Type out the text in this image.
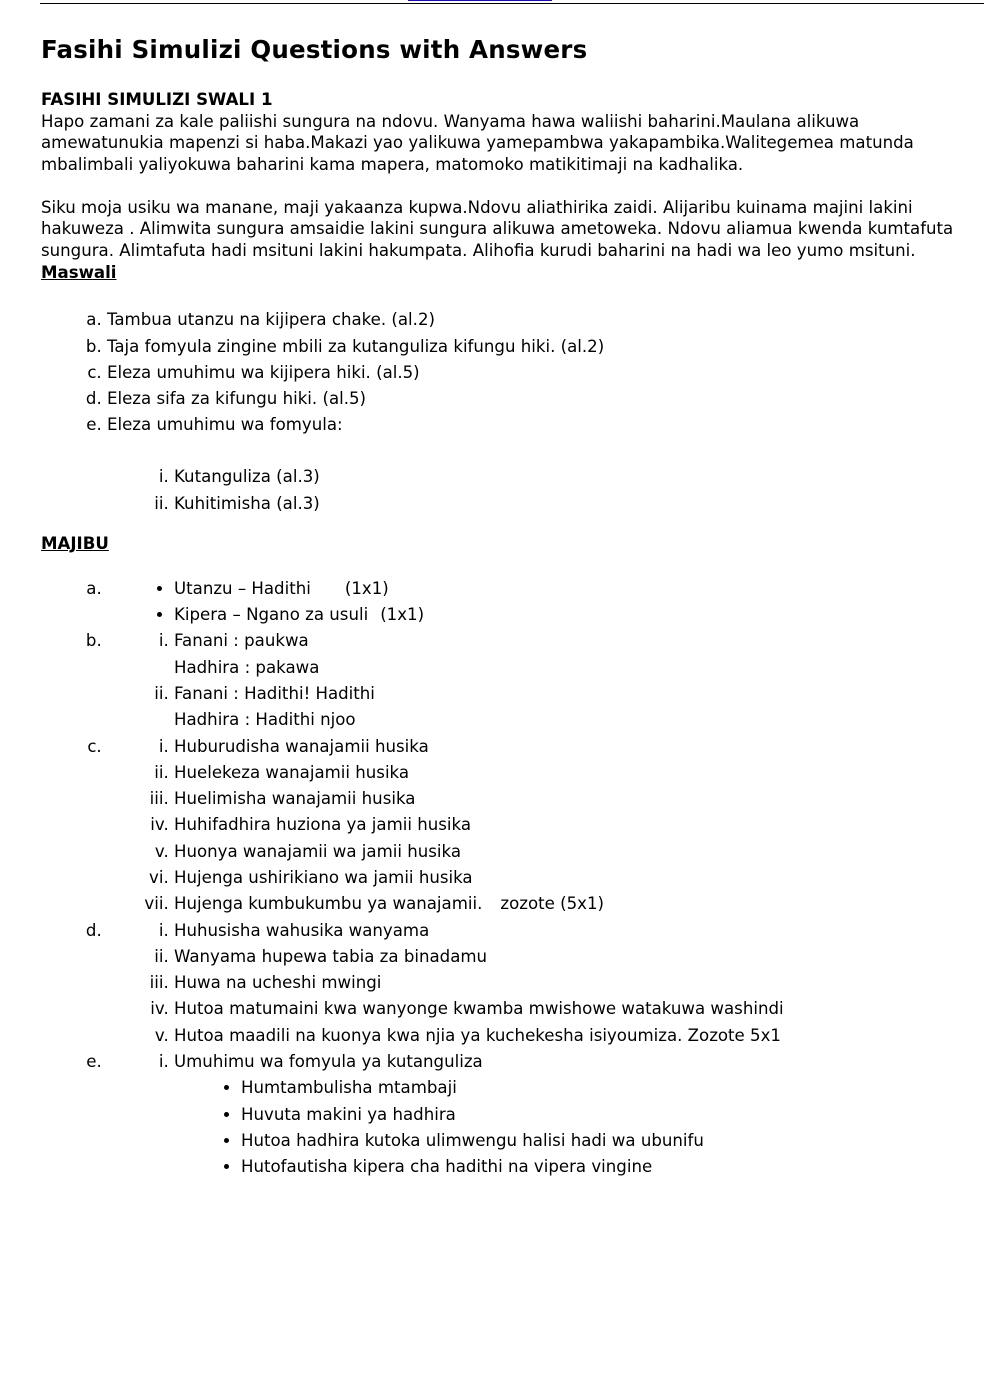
Fasihi Simulizi Questions with Answers
FASIHI SIMULIZI SWALI 1

Hapo zamani za kale paliishi sungura na ndovu. Wanyama hawa waliishi baharini.Maulana alikuwa amewatunukia mapenzi si haba.Makazi yao yalikuwa yamepambwa yakapambika.Walitegemea matunda mbalimbali yaliyokuwa baharini kama mapera, matomoko matikitimaji na kadhalika.

Siku moja usiku wa manane, maji yakaanza kupwa.Ndovu aliathirika zaidi. Alijaribu kuinama majini lakini hakuweza . Alimwita sungura amsaidie lakini sungura alikuwa ametoweka. Ndovu aliamua kwenda kumtafuta sungura. Alimtafuta hadi msituni lakini hakumpata. Alihofia kurudi baharini na hadi wa leo yumo msituni.

Maswali
a. Tambua utanzu na kijipera chake. (al.2)
b. Taja fomyula zingine mbili za kutanguliza kifungu hiki. (al.2)
c. Eleza umuhimu wa kijipera hiki. (al.5)
d. Eleza sifa za kifungu hiki. (al.5)
e. Eleza umuhimu wa fomyula:
i. Kutanguliza (al.3)
ii. Kuhitimisha (al.3)
MAJIBU
• a. Utanzu – Hadithi (1x1)
• Kipera – Ngano za usuli (1x1)
i. b. Fanani : paukwa
Hadhira : pakawa
ii. Fanani : Hadithi! Hadithi
Hadhira : Hadithi njoo
i. c. Huburudisha wanajamii husika
ii. Huelekeza wanajamii husika
iii. Huelimisha wanajamii husika
iv. Huhifadhira huziona ya jamii husika
v. Huonya wanajamii wa jamii husika
vi. Hujenga ushirikiano wa jamii husika
vii. Hujenga kumbukumbu ya wanajamii. zozote (5x1)
i. d. Huhusisha wahusika wanyama
ii. Wanyama hupewa tabia za binadamu
iii. Huwa na ucheshi mwingi
iv. Hutoa matumaini kwa wanyonge kwamba mwishowe watakuwa washindi
v. Hutoa maadili na kuonya kwa njia ya kuchekesha isiyoumiza. Zozote 5x1
i. e. Umuhimu wa fomyula ya kutanguliza
• Humtambulisha mtambaji
• Huvuta makini ya hadhira
• Hutoa hadhira kutoka ulimwengu halisi hadi wa ubunifu
• Hutofautisha kipera cha hadithi na vipera vingine
